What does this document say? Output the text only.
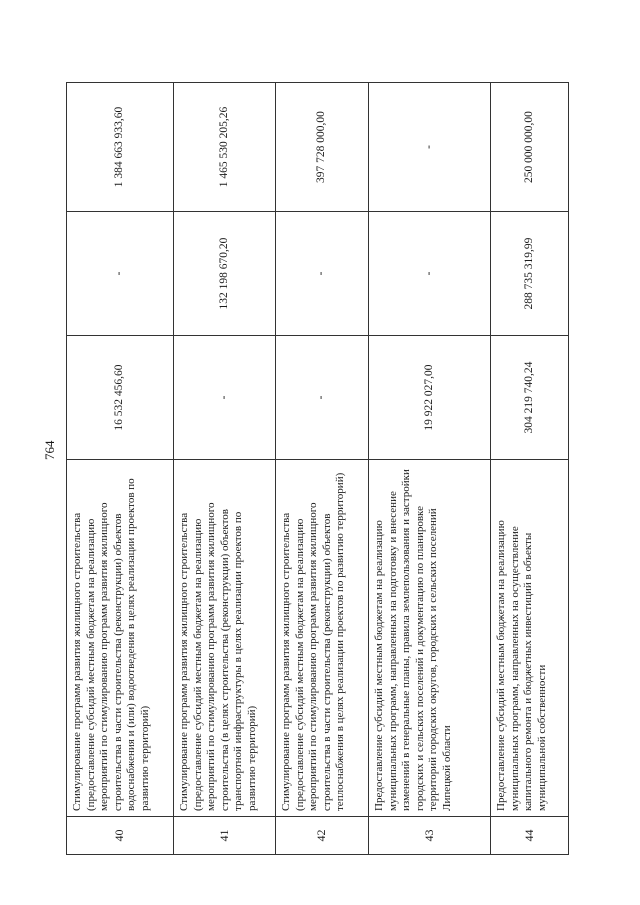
764
40	Стимулирование программ развития жилищного строительства (предоставление субсидий местным бюджетам на реализацию мероприятий по стимулированию программ развития жилищного строительства в части строительства (реконструкции) объектов водоснабжения и (или) водоотведения в целях реализации проектов по развитию территорий)	16 532 456,60	-	1 384 663 933,60
41	Стимулирование программ развития жилищного строительства (предоставление субсидий местным бюджетам на реализацию мероприятий по стимулированию программ развития жилищного строительства (в целях строительства (реконструкции) объектов транспортной инфраструктуры в целях реализации проектов по развитию территорий)	-	132 198 670,20	1 465 530 205,26
42	Стимулирование программ развития жилищного строительства (предоставление субсидий местным бюджетам на реализацию мероприятий по стимулированию программ развития жилищного строительства в части строительства (реконструкции) объектов теплоснабжения в целях реализации проектов по развитию территорий)	-	-	397 728 000,00
43	Предоставление субсидий местным бюджетам на реализацию муниципальных программ, направленных на подготовку и внесение изменений в генеральные планы, правила землепользования и застройки городских и сельских поселений и документацию по планировке территорий городских округов, городских и сельских поселений Липецкой области	19 922 027,00	-	-
44	Предоставление субсидий местным бюджетам на реализацию муниципальных программ, направленных на осуществление капитального ремонта и бюджетных инвестиций в объекты муниципальной собственности	304 219 740,24	288 735 319,99	250 000 000,00
